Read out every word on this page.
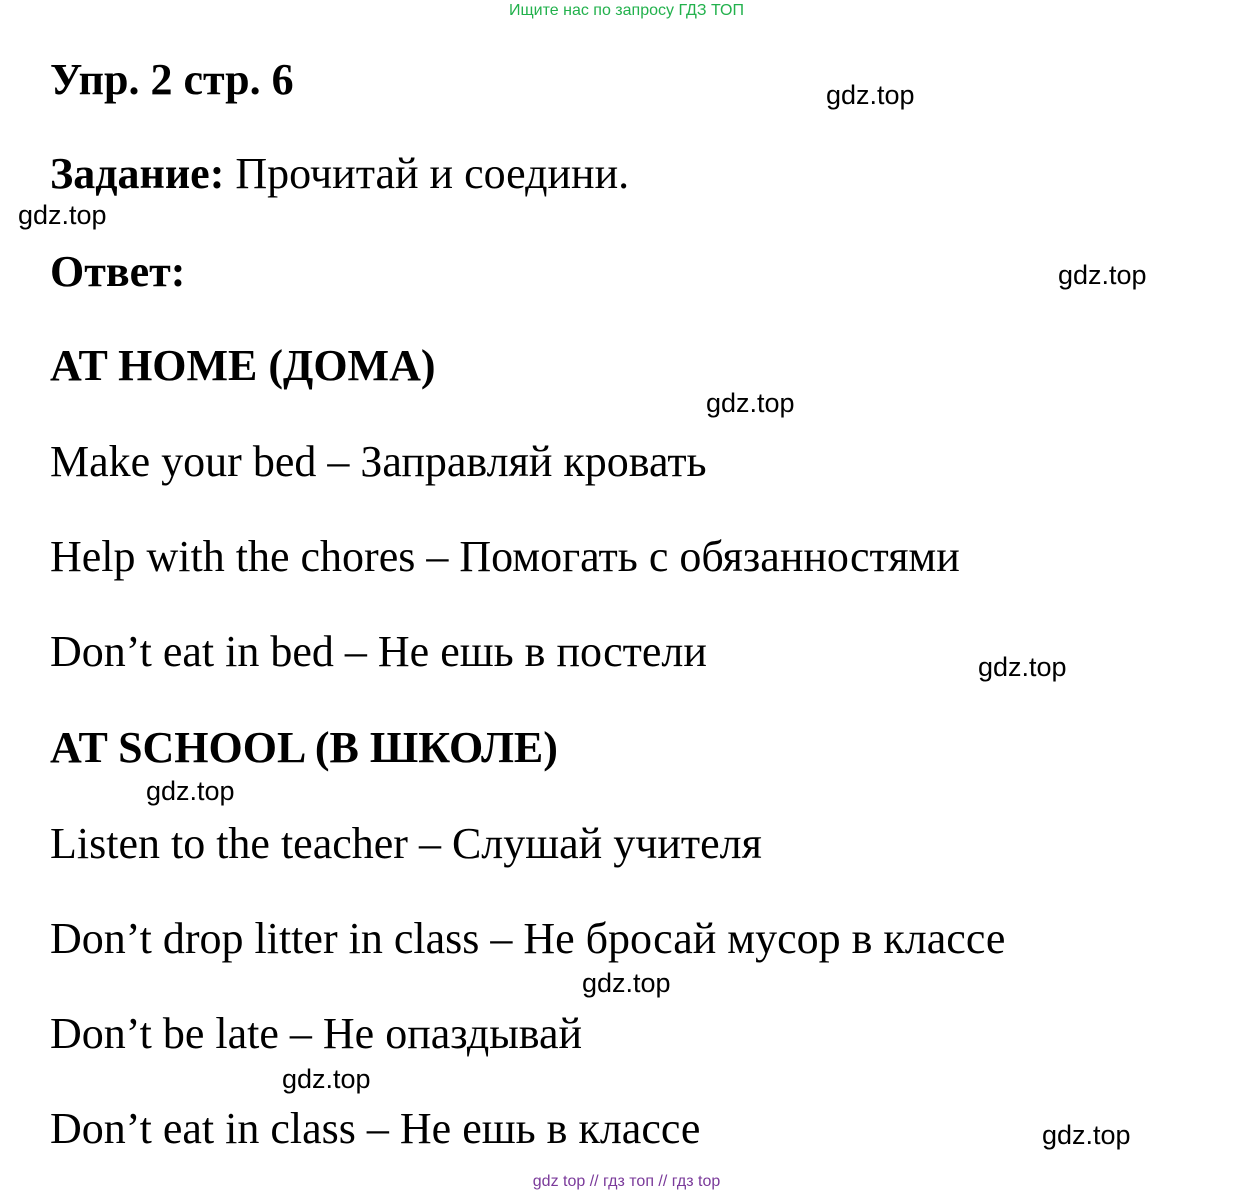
Ищите нас по запросу ГДЗ ТОП
Упр. 2 стр. 6
Задание: Прочитай и соедини.
Ответ:
AT HOME (ДОМА)
Make your bed – Заправляй кровать
Help with the chores – Помогать с обязанностями
Don’t eat in bed – Не ешь в постели
AT SCHOOL (В ШКОЛЕ)
Listen to the teacher – Слушай учителя
Don’t drop litter in class – Не бросай мусор в классе
Don’t be late – Не опаздывай
Don’t eat in class – Не ешь в классе
gdz.top
gdz.top
gdz.top
gdz.top
gdz.top
gdz.top
gdz.top
gdz.top
gdz.top
gdz top // гдз топ // гдз top
